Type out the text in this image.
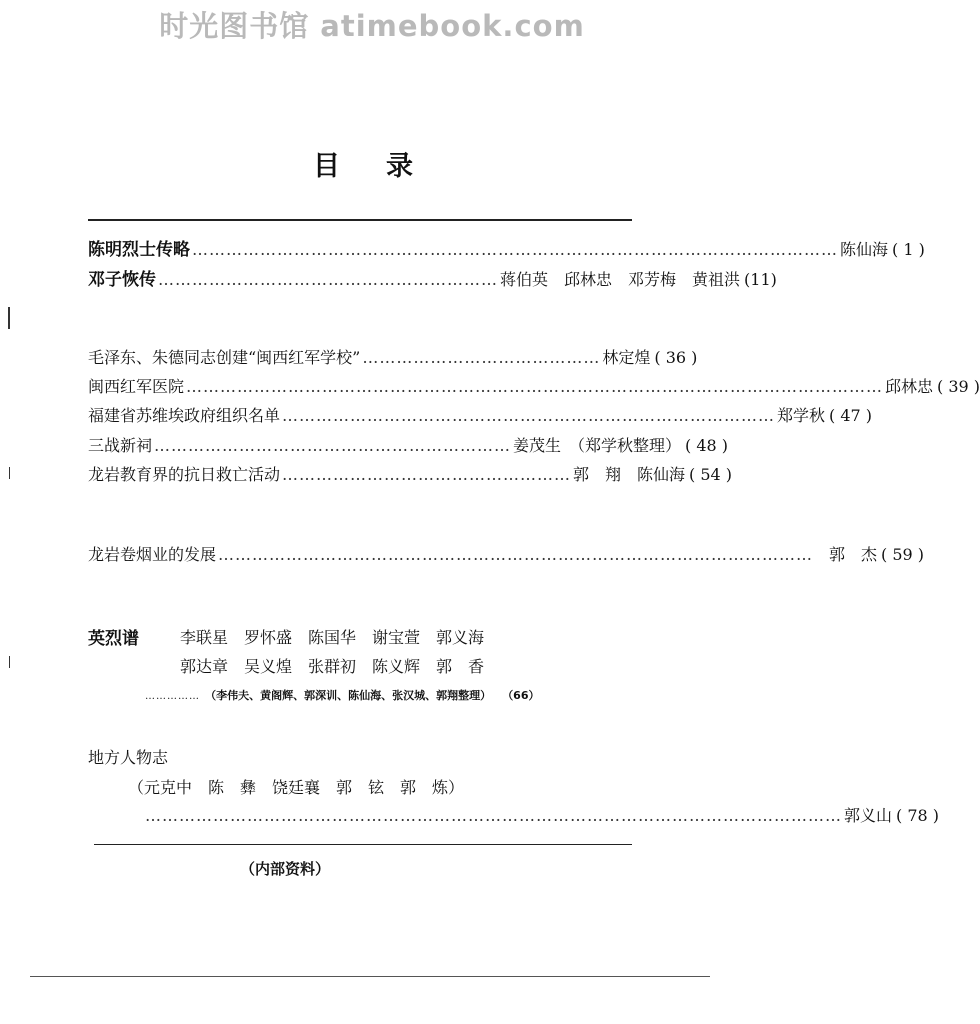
时光图书馆 atimebook.com
目录
陈明烈士传略 …………………………………………………………………………………………………… 陈仙海 ( 1 )
邓子恢传 …………………………………………………… 蒋伯英　邱林忠　邓芳梅　黄祖洪 (11)
毛泽东、朱德同志创建“闽西红军学校” …………………………………… 林定煌 ( 36 )
闽西红军医院 …………………………………………………………………………………………………………… 邱林忠 ( 39 )
福建省苏维埃政府组织名单 …………………………………………………………………………… 郑学秋 ( 47 )
三战新祠 ……………………………………………………… 姜茂生　（郑学秋整理） ( 48 )
龙岩教育界的抗日救亡活动 …………………………………………… 郭　翔　陈仙海 ( 54 )
龙岩卷烟业的发展 …………………………………………………………………………………………… 郭　杰 ( 59 )
英烈谱	李联星　罗怀盛　陈国华　谢宝萱　郭义海
郭达章　吴义煌　张群初　陈义辉　郭　香
…………… （李伟夫、黄阁辉、郭深训、陈仙海、张汉城、郭翔整理） （66）
地方人物志
（元克中　陈　彝　饶廷襄　郭　铉　郭　炼）
…………………………………………………………………………………………………………… 郭义山 ( 78 )
（内部资料）
